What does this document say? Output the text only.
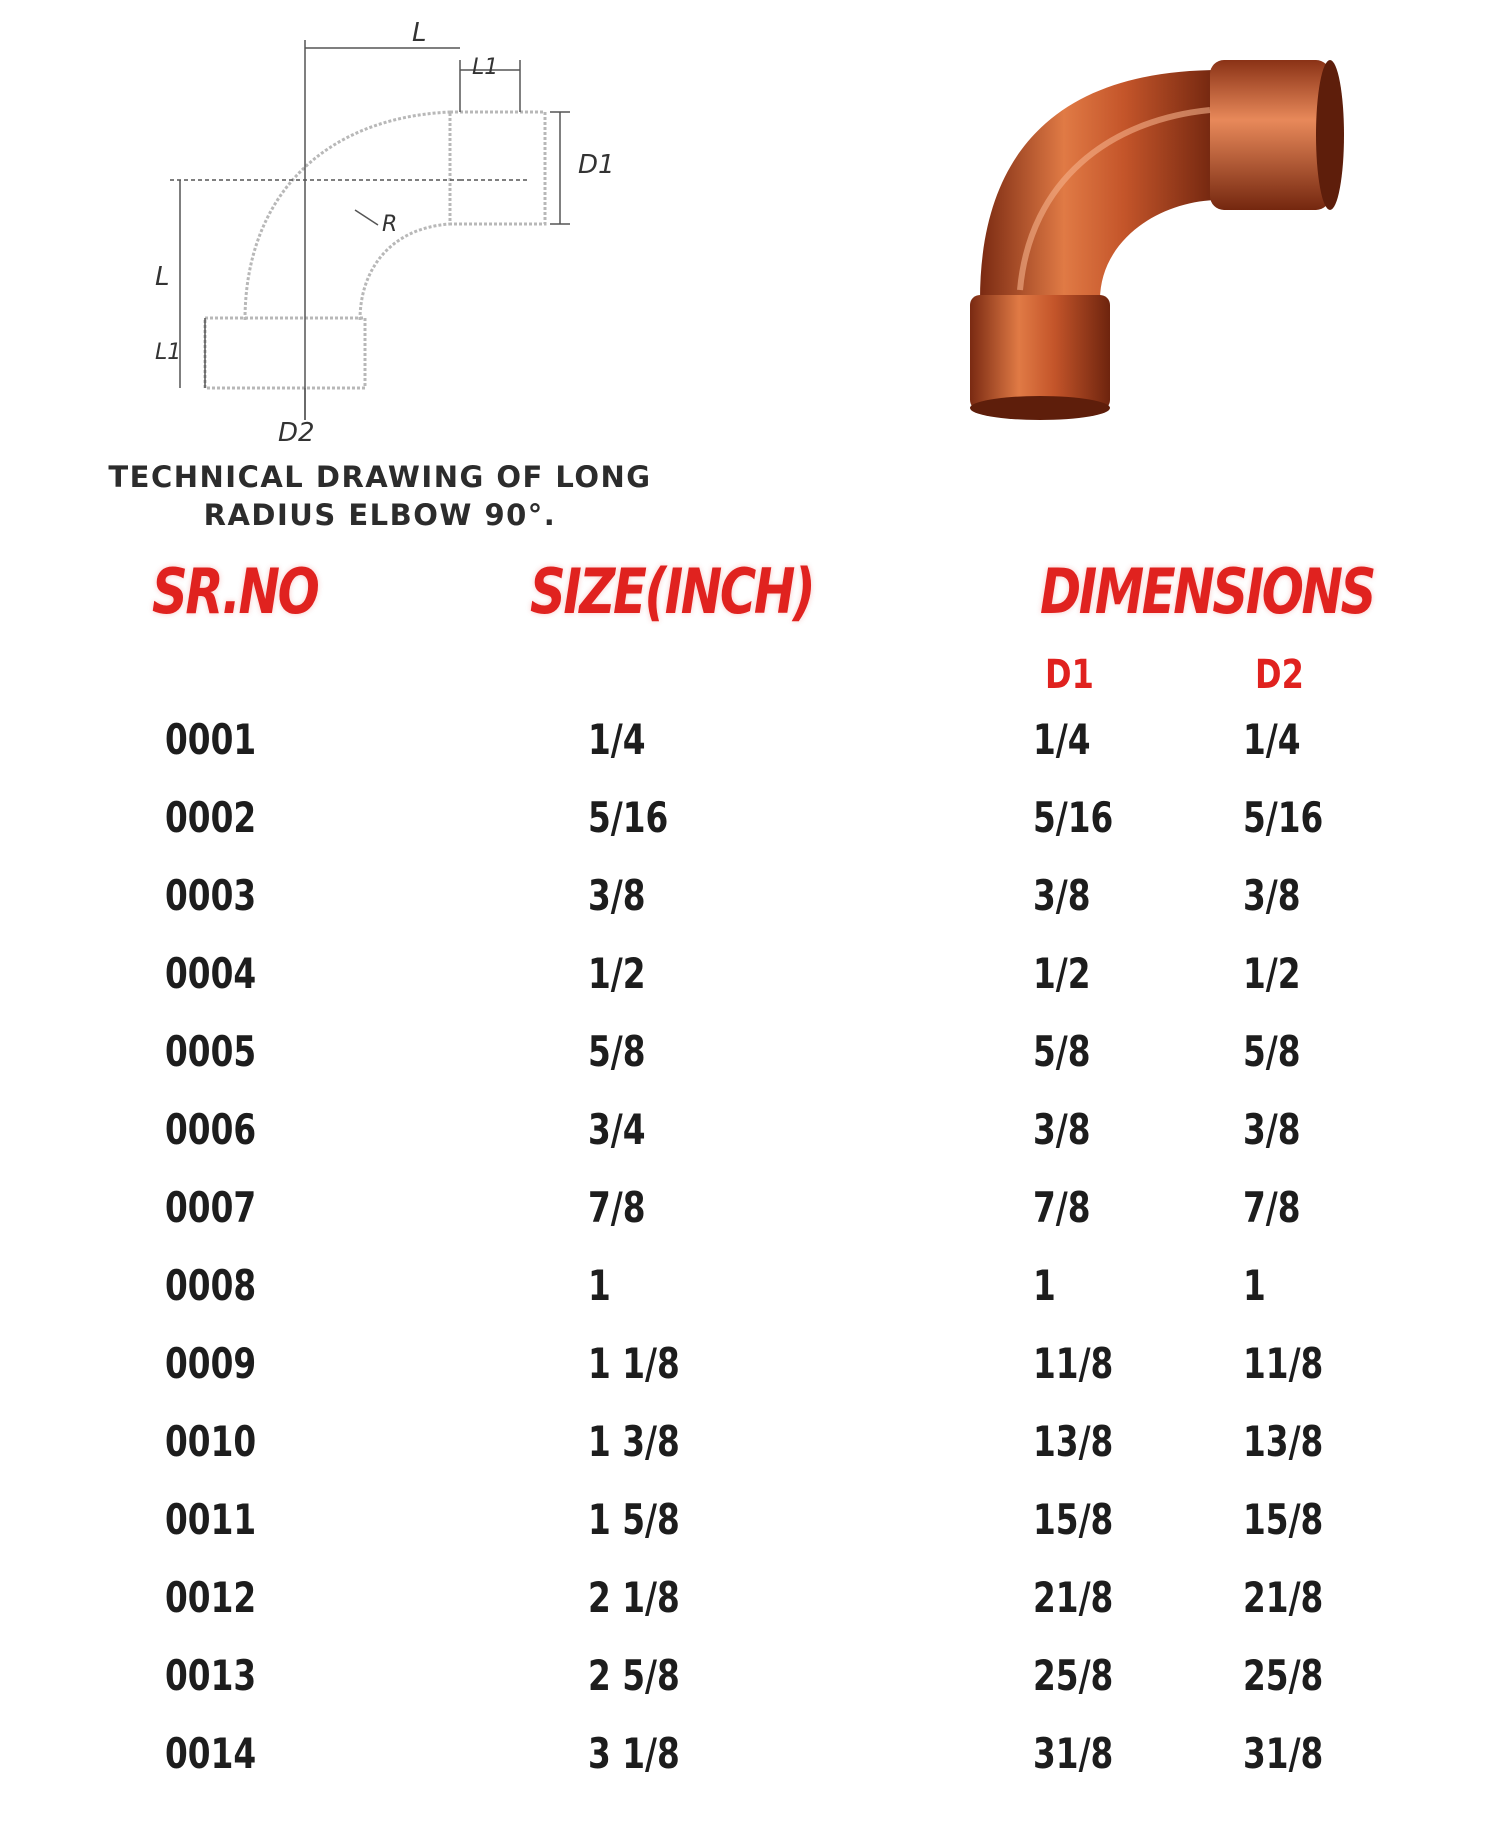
L
L1
D1
R
L
L1
D2
TECHNICAL DRAWING OF LONG
RADIUS ELBOW 90°.
SR.NO	SIZE(INCH)	DIMENSIONS
D1	D2
0001	1/4	1/4	1/4
0002	5/16	5/16	5/16
0003	3/8	3/8	3/8
0004	1/2	1/2	1/2
0005	5/8	5/8	5/8
0006	3/4	3/8	3/8
0007	7/8	7/8	7/8
0008	1	1	1
0009	1 1/8	11/8	11/8
0010	1 3/8	13/8	13/8
0011	1 5/8	15/8	15/8
0012	2 1/8	21/8	21/8
0013	2 5/8	25/8	25/8
0014	3 1/8	31/8	31/8
